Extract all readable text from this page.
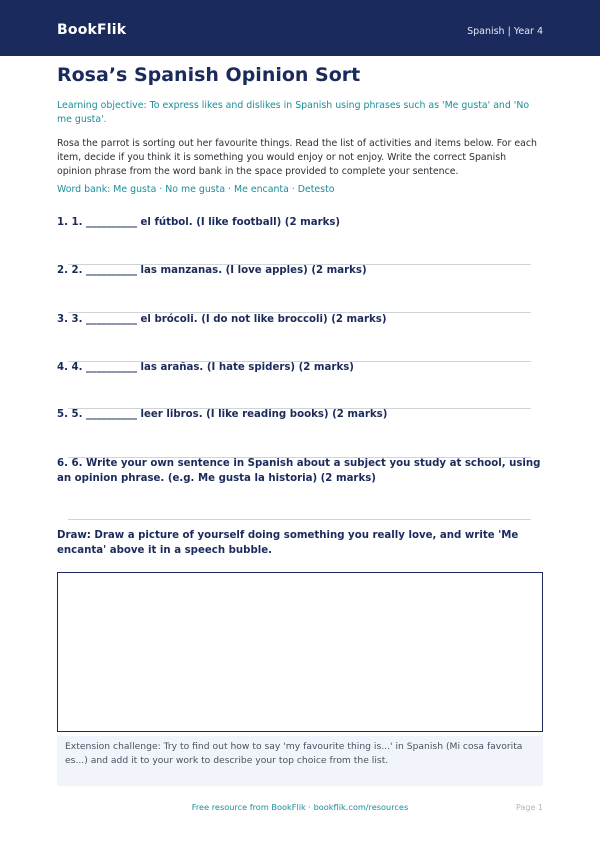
BookFlik	Spanish | Year 4
Rosa’s Spanish Opinion Sort
Learning objective: To express likes and dislikes in Spanish using phrases such as 'Me gusta' and 'No me gusta'.
Rosa the parrot is sorting out her favourite things. Read the list of activities and items below. For each item, decide if you think it is something you would enjoy or not enjoy. Write the correct Spanish opinion phrase from the word bank in the space provided to complete your sentence.
Word bank: Me gusta · No me gusta · Me encanta · Detesto
1. 1. __________ el fútbol. (I like football) (2 marks)
2. 2. __________ las manzanas. (I love apples) (2 marks)
3. 3. __________ el brócoli. (I do not like broccoli) (2 marks)
4. 4. __________ las arañas. (I hate spiders) (2 marks)
5. 5. __________ leer libros. (I like reading books) (2 marks)
6. 6. Write your own sentence in Spanish about a subject you study at school, using an opinion phrase. (e.g. Me gusta la historia) (2 marks)
Draw: Draw a picture of yourself doing something you really love, and write 'Me encanta' above it in a speech bubble.
Extension challenge: Try to find out how to say 'my favourite thing is...' in Spanish (Mi cosa favorita es...) and add it to your work to describe your top choice from the list.
Free resource from BookFlik · bookflik.com/resources	Page 1
